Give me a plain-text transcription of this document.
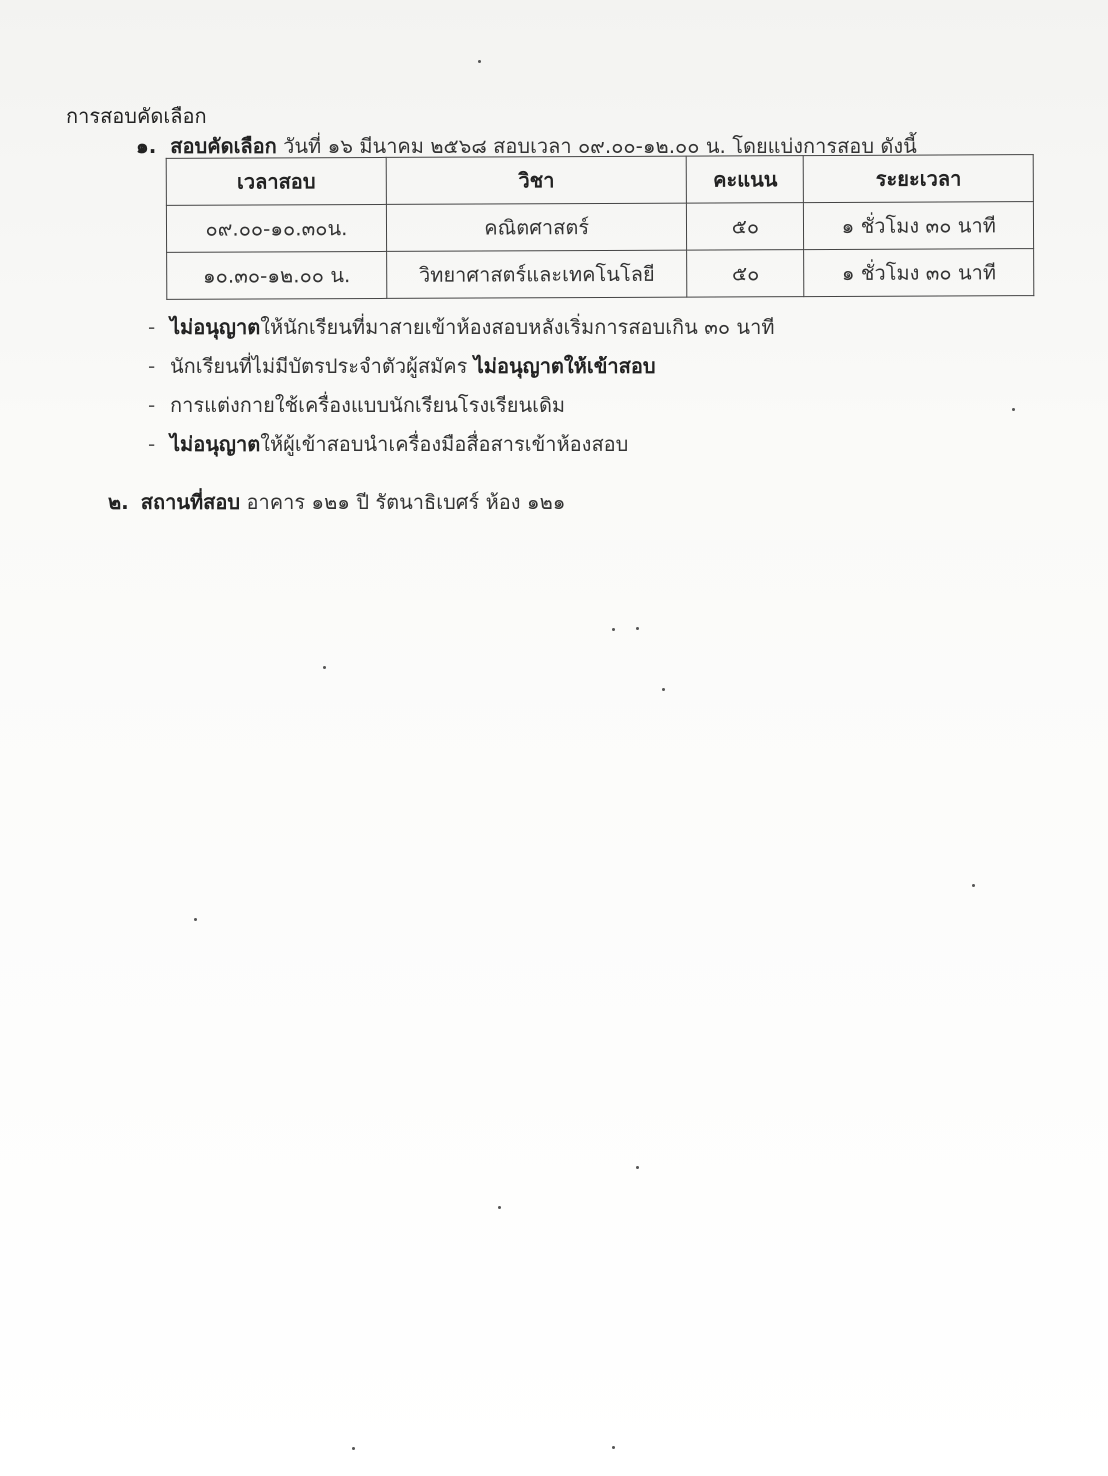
การสอบคัดเลือก
๑. สอบคัดเลือก วันที่ ๑๖ มีนาคม ๒๕๖๘ สอบเวลา ๐๙.๐๐-๑๒.๐๐ น. โดยแบ่งการสอบ ดังนี้
เวลาสอบ	วิชา	คะแนน	ระยะเวลา
๐๙.๐๐-๑๐.๓๐น.	คณิตศาสตร์	๕๐	๑ ชั่วโมง ๓๐ นาที
๑๐.๓๐-๑๒.๐๐ น.	วิทยาศาสตร์และเทคโนโลยี	๕๐	๑ ชั่วโมง ๓๐ นาที
- ไม่อนุญาตให้นักเรียนที่มาสายเข้าห้องสอบหลังเริ่มการสอบเกิน ๓๐ นาที
- นักเรียนที่ไม่มีบัตรประจำตัวผู้สมัคร ไม่อนุญาตให้เข้าสอบ
- การแต่งกายใช้เครื่องแบบนักเรียนโรงเรียนเดิม
- ไม่อนุญาตให้ผู้เข้าสอบนำเครื่องมือสื่อสารเข้าห้องสอบ
๒. สถานที่สอบ อาคาร ๑๒๑ ปี รัตนาธิเบศร์ ห้อง ๑๒๑
